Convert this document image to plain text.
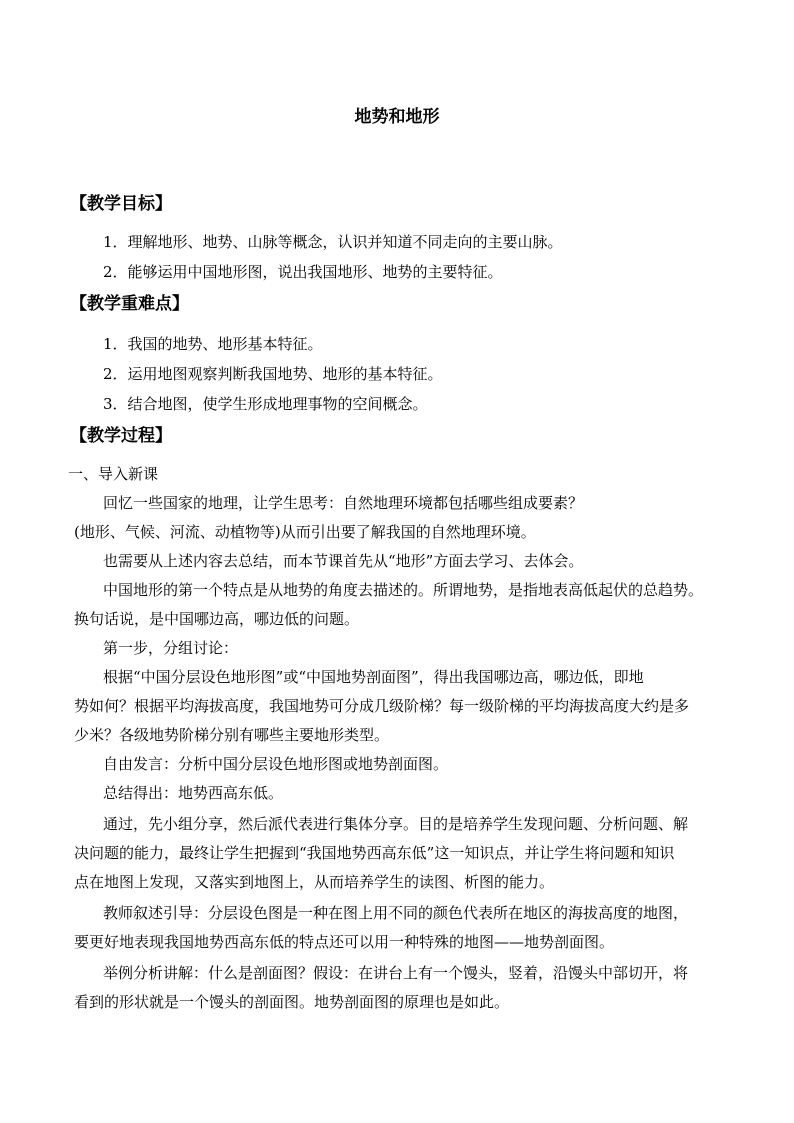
地势和地形
【教学目标】
1．理解地形、地势、山脉等概念，认识并知道不同走向的主要山脉。
2．能够运用中国地形图，说出我国地形、地势的主要特征。
【教学重难点】
1．我国的地势、地形基本特征。
2．运用地图观察判断我国地势、地形的基本特征。
3．结合地图，使学生形成地理事物的空间概念。
【教学过程】
一、导入新课
回忆一些国家的地理，让学生思考：自然地理环境都包括哪些组成要素？
(地形、气候、河流、动植物等)从而引出要了解我国的自然地理环境。
也需要从上述内容去总结，而本节课首先从“地形”方面去学习、去体会。
中国地形的第一个特点是从地势的角度去描述的。所谓地势，是指地表高低起伏的总趋势。
换句话说，是中国哪边高，哪边低的问题。
第一步，分组讨论：
根据“中国分层设色地形图”或“中国地势剖面图”，得出我国哪边高，哪边低，即地
势如何？根据平均海拔高度，我国地势可分成几级阶梯？每一级阶梯的平均海拔高度大约是多
少米？各级地势阶梯分别有哪些主要地形类型。
自由发言：分析中国分层设色地形图或地势剖面图。
总结得出：地势西高东低。
通过，先小组分享，然后派代表进行集体分享。目的是培养学生发现问题、分析问题、解
决问题的能力，最终让学生把握到“我国地势西高东低”这一知识点，并让学生将问题和知识
点在地图上发现，又落实到地图上，从而培养学生的读图、析图的能力。
教师叙述引导：分层设色图是一种在图上用不同的颜色代表所在地区的海拔高度的地图，
要更好地表现我国地势西高东低的特点还可以用一种特殊的地图——地势剖面图。
举例分析讲解：什么是剖面图？假设：在讲台上有一个馒头，竖着，沿馒头中部切开，将
看到的形状就是一个馒头的剖面图。地势剖面图的原理也是如此。
